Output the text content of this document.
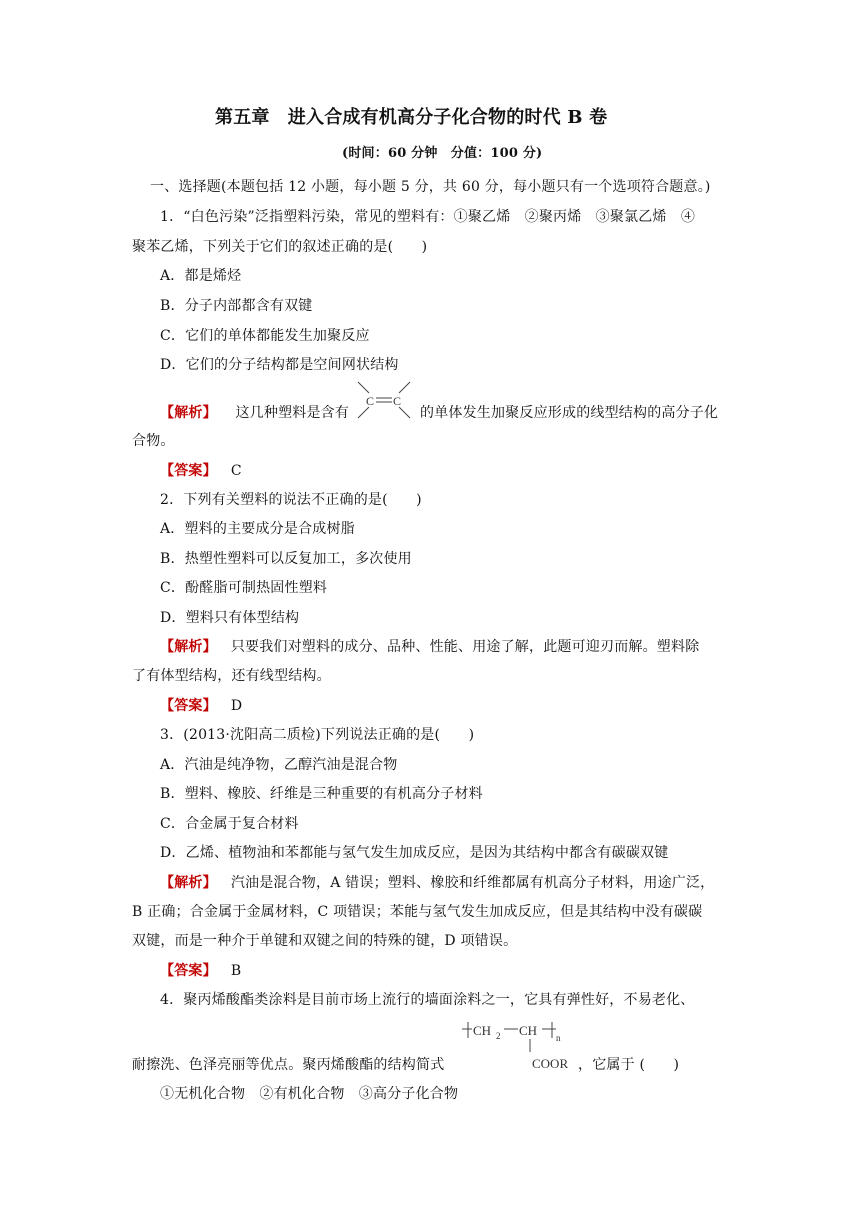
第五章　进入合成有机高分子化合物的时代 B 卷
(时间：60 分钟　分值：100 分)
一、选择题(本题包括 12 小题，每小题 5 分，共 60 分，每小题只有一个选项符合题意。)
1．“白色污染”泛指塑料污染，常见的塑料有：①聚乙烯　②聚丙烯　③聚氯乙烯　④
聚苯乙烯，下列关于它们的叙述正确的是(　　)
A．都是烯烃
B．分子内部都含有双键
C．它们的单体都能发生加聚反应
D．它们的分子结构都是空间网状结构
【解析】 这几种塑料是含有
C C
的单体发生加聚反应形成的线型结构的高分子化
合物。
【答案】 C
2．下列有关塑料的说法不正确的是(　　)
A．塑料的主要成分是合成树脂
B．热塑性塑料可以反复加工，多次使用
C．酚醛脂可制热固性塑料
D．塑料只有体型结构
【解析】 只要我们对塑料的成分、品种、性能、用途了解，此题可迎刃而解。塑料除
了有体型结构，还有线型结构。
【答案】 D
3．(2013·沈阳高二质检)下列说法正确的是(　　)
A．汽油是纯净物，乙醇汽油是混合物
B．塑料、橡胶、纤维是三种重要的有机高分子材料
C．合金属于复合材料
D．乙烯、植物油和苯都能与氢气发生加成反应，是因为其结构中都含有碳碳双键
【解析】 汽油是混合物，A 错误；塑料、橡胶和纤维都属有机高分子材料，用途广泛，
B 正确；合金属于金属材料，C 项错误；苯能与氢气发生加成反应，但是其结构中没有碳碳
双键，而是一种介于单键和双键之间的特殊的键，D 项错误。
【答案】 B
4．聚丙烯酸酯类涂料是目前市场上流行的墙面涂料之一，它具有弹性好，不易老化、
CH 2 CH n
COOR
耐擦洗、色泽亮丽等优点。聚丙烯酸酯的结构简式	，它属于 (　　)
①无机化合物　②有机化合物　③高分子化合物
